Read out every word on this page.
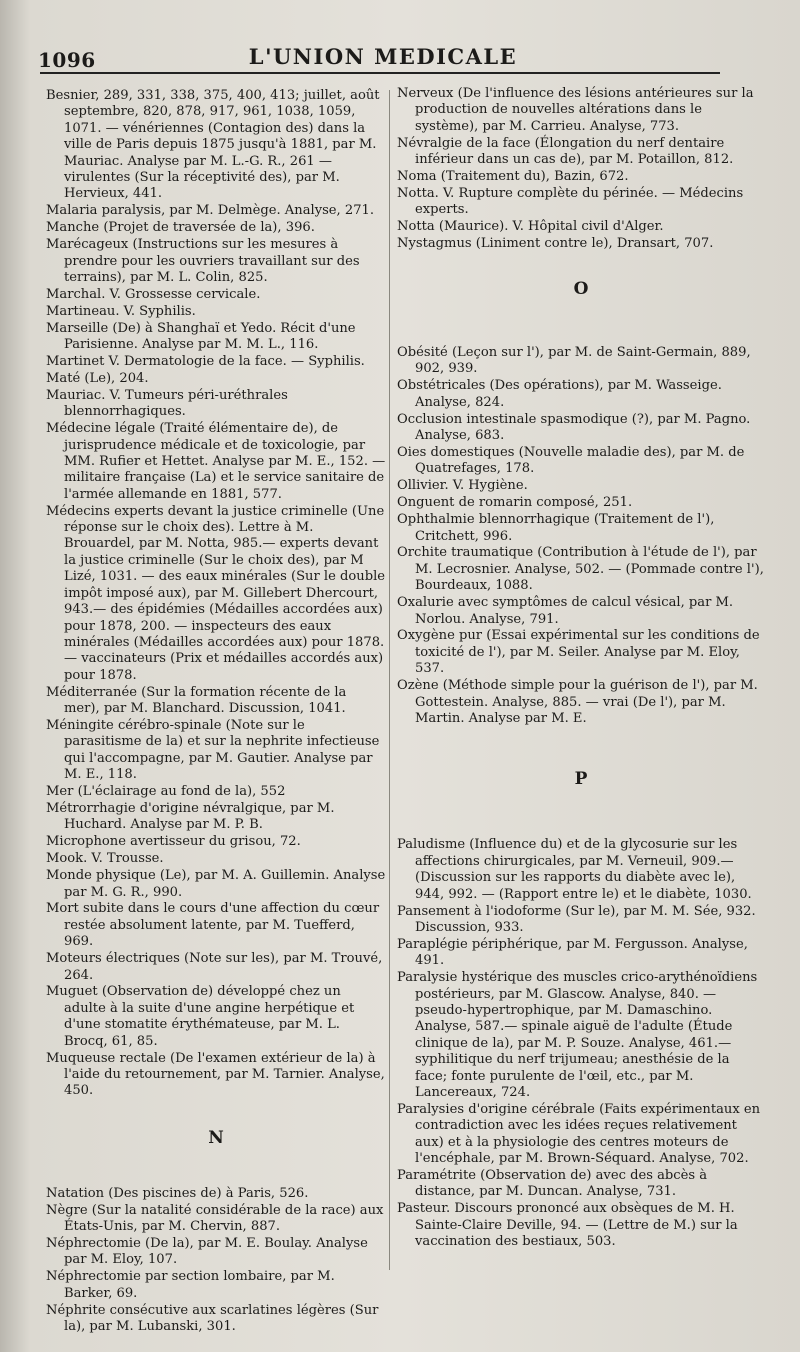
1096	L'UNION MEDICALE

Besnier, 289, 331, 338, 375, 400, 413; juillet, août septembre, 820, 878, 917, 961, 1038, 1059, 1071. — vénériennes (Contagion des) dans la ville de Paris depuis 1875 jusqu'à 1881, par M. Mauriac. Analyse par M. L.-G. R., 261 — virulentes (Sur la réceptivité des), par M. Hervieux, 441.

Malaria paralysis, par M. Delmège. Analyse, 271.

Manche (Projet de traversée de la), 396.

Marécageux (Instructions sur les mesures à prendre pour les ouvriers travaillant sur des terrains), par M. L. Colin, 825.

Marchal. V. Grossesse cervicale.

Martineau. V. Syphilis.

Marseille (De) à Shanghaï et Yedo. Récit d'une Parisienne. Analyse par M. M. L., 116.

Martinet V. Dermatologie de la face. — Syphilis.

Maté (Le), 204.

Mauriac. V. Tumeurs péri-uréthrales blennorrhagiques.

Médecine légale (Traité élémentaire de), de jurisprudence médicale et de toxicologie, par MM. Rufier et Hettet. Analyse par M. E., 152. —militaire française (La) et le service sanitaire de l'armée allemande en 1881, 577.

Médecins experts devant la justice criminelle (Une réponse sur le choix des). Lettre à M. Brouardel, par M. Notta, 985.— experts devant la justice criminelle (Sur le choix des), par M Lizé, 1031. — des eaux minérales (Sur le double impôt imposé aux), par M. Gillebert Dhercourt, 943.— des épidémies (Médailles accordées aux) pour 1878, 200. — inspecteurs des eaux minérales (Médailles accordées aux) pour 1878. — vaccinateurs (Prix et médailles accordés aux) pour 1878.

Méditerranée (Sur la formation récente de la mer), par M. Blanchard. Discussion, 1041.

Méningite cérébro-spinale (Note sur le parasitisme de la) et sur la nephrite infectieuse qui l'accompagne, par M. Gautier. Analyse par M. E., 118.

Mer (L'éclairage au fond de la), 552

Métrorrhagie d'origine névralgique, par M. Huchard. Analyse par M. P. B.

Microphone avertisseur du grisou, 72.

Mook. V. Trousse.

Monde physique (Le), par M. A. Guillemin. Analyse par M. G. R., 990.

Mort subite dans le cours d'une affection du cœur restée absolument latente, par M. Tuefferd, 969.

Moteurs électriques (Note sur les), par M. Trouvé, 264.

Muguet (Observation de) développé chez un adulte à la suite d'une angine herpétique et d'une stomatite érythémateuse, par M. L. Brocq, 61, 85.

Muqueuse rectale (De l'examen extérieur de la) à l'aide du retournement, par M. Tarnier. Analyse, 450.

N

Natation (Des piscines de) à Paris, 526.

Nègre (Sur la natalité considérable de la race) aux États-Unis, par M. Chervin, 887.

Néphrectomie (De la), par M. E. Boulay. Analyse par M. Eloy, 107.

Néphrectomie par section lombaire, par M. Barker, 69.

Néphrite consécutive aux scarlatines légères (Sur la), par M. Lubanski, 301.

Nerveux (De l'influence des lésions antérieures sur la production de nouvelles altérations dans le système), par M. Carrieu. Analyse, 773.

Névralgie de la face (Élongation du nerf dentaire inférieur dans un cas de), par M. Potaillon, 812.

Noma (Traitement du), Bazin, 672.

Notta. V. Rupture complète du périnée. — Médecins experts.

Notta (Maurice). V. Hôpital civil d'Alger.

Nystagmus (Liniment contre le), Dransart, 707.

O

Obésité (Leçon sur l'), par M. de Saint-Germain, 889, 902, 939.

Obstétricales (Des opérations), par M. Wasseige. Analyse, 824.

Occlusion intestinale spasmodique (?), par M. Pagno. Analyse, 683.

Oies domestiques (Nouvelle maladie des), par M. de Quatrefages, 178.

Ollivier. V. Hygiène.

Onguent de romarin composé, 251.

Ophthalmie blennorrhagique (Traitement de l'), Critchett, 996.

Orchite traumatique (Contribution à l'étude de l'), par M. Lecrosnier. Analyse, 502. — (Pommade contre l'), Bourdeaux, 1088.

Oxalurie avec symptômes de calcul vésical, par M. Norlou. Analyse, 791.

Oxygène pur (Essai expérimental sur les conditions de toxicité de l'), par M. Seiler. Analyse par M. Eloy, 537.

Ozène (Méthode simple pour la guérison de l'), par M. Gottestein. Analyse, 885. — vrai (De l'), par M. Martin. Analyse par M. E.

P

Paludisme (Influence du) et de la glycosurie sur les affections chirurgicales, par M. Verneuil, 909.— (Discussion sur les rapports du diabète avec le), 944, 992. — (Rapport entre le) et le diabète, 1030.

Pansement à l'iodoforme (Sur le), par M. M. Sée, 932. Discussion, 933.

Paraplégie périphérique, par M. Fergusson. Analyse, 491.

Paralysie hystérique des muscles crico-arythénoïdiens postérieurs, par M. Glascow. Analyse, 840. — pseudo-hypertrophique, par M. Damaschino. Analyse, 587.— spinale aiguë de l'adulte (Étude clinique de la), par M. P. Souze. Analyse, 461.—syphilitique du nerf trijumeau; anesthésie de la face; fonte purulente de l'œil, etc., par M. Lancereaux, 724.

Paralysies d'origine cérébrale (Faits expérimentaux en contradiction avec les idées reçues relativement aux) et à la physiologie des centres moteurs de l'encéphale, par M. Brown-Séquard. Analyse, 702.

Paramétrite (Observation de) avec des abcès à distance, par M. Duncan. Analyse, 731.

Pasteur. Discours prononcé aux obsèques de M. H. Sainte-Claire Deville, 94. — (Lettre de M.) sur la vaccination des bestiaux, 503.
